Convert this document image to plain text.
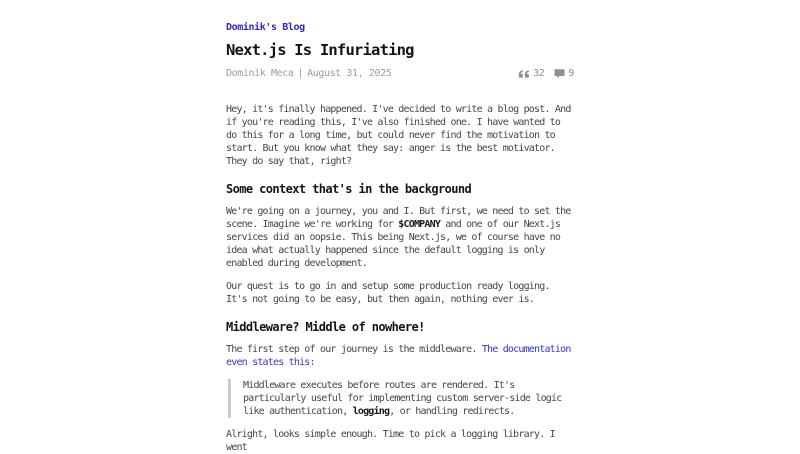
Dominik's Blog
Next.js Is Infuriating
Dominik Meca | August 31, 2025	32 9

Hey, it's finally happened. I've decided to write a blog post. And if you're reading this, I've also finished one. I have wanted to do this for a long time, but could never find the motivation to start. But you know what they say: anger is the best motivator. They do say that, right?

Some context that's in the background

We're going on a journey, you and I. But first, we need to set the scene. Imagine we're working for $COMPANY and one of our Next.js services did an oopsie. This being Next.js, we of course have no idea what actually happened since the default logging is only enabled during development.

Our quest is to go in and setup some production ready logging. It's not going to be easy, but then again, nothing ever is.

Middleware? Middle of nowhere!

The first step of our journey is the middleware. The documentation even states this:

Middleware executes before routes are rendered. It's particularly useful for implementing custom server-side logic like authentication, logging, or handling redirects.

Alright, looks simple enough. Time to pick a logging library. I went
